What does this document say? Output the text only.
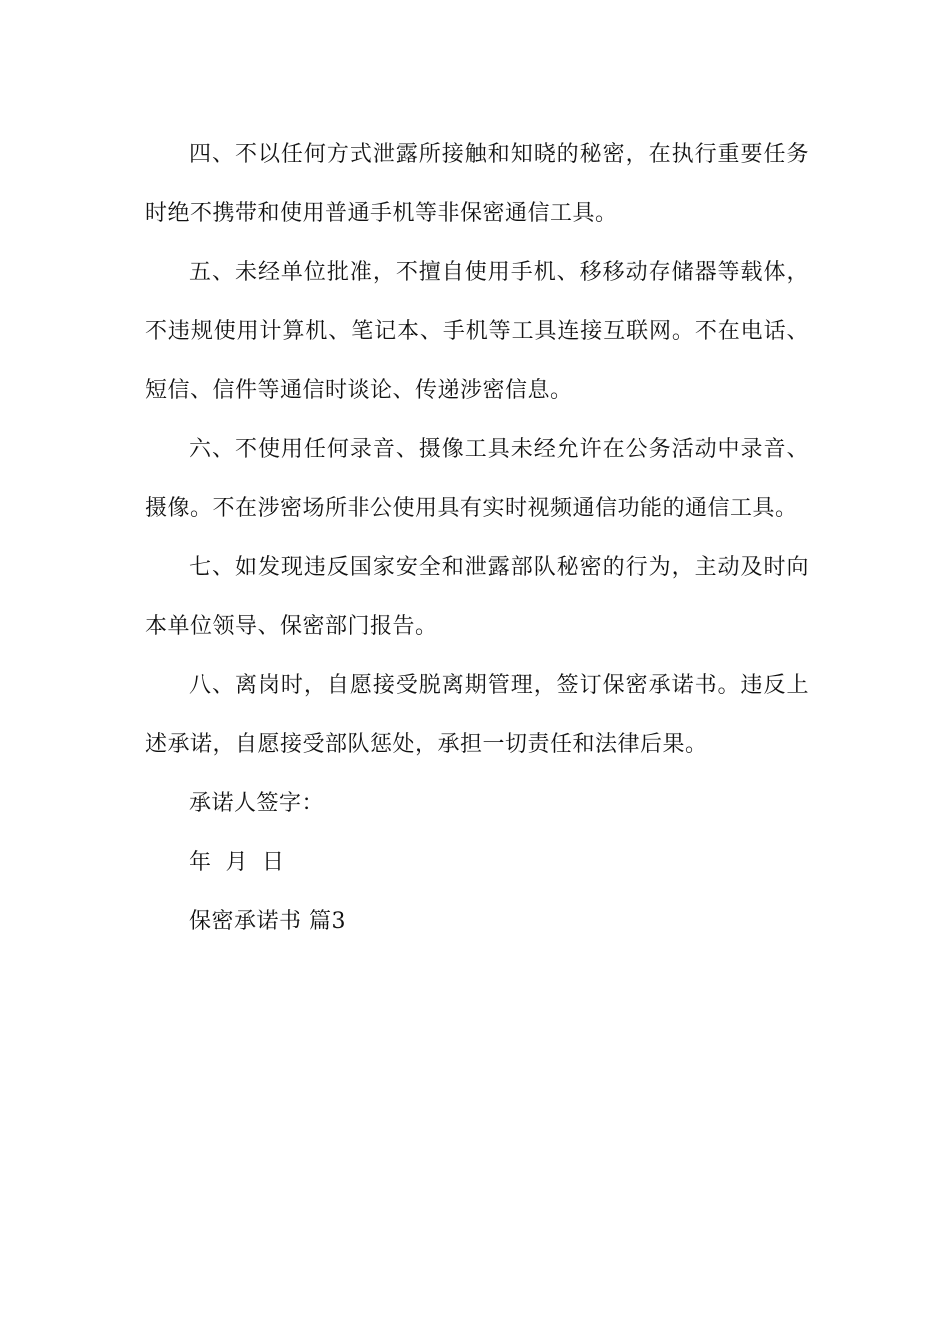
四、不以任何方式泄露所接触和知晓的秘密，在执行重要任务时绝不携带和使用普通手机等非保密通信工具。

五、未经单位批准，不擅自使用手机、移移动存储器等载体，不违规使用计算机、笔记本、手机等工具连接互联网。不在电话、短信、信件等通信时谈论、传递涉密信息。

六、不使用任何录音、摄像工具未经允许在公务活动中录音、摄像。不在涉密场所非公使用具有实时视频通信功能的通信工具。

七、如发现违反国家安全和泄露部队秘密的行为，主动及时向本单位领导、保密部门报告。

八、离岗时，自愿接受脱离期管理，签订保密承诺书。违反上述承诺，自愿接受部队惩处，承担一切责任和法律后果。

承诺人签字：

年 月 日

保密承诺书 篇3
